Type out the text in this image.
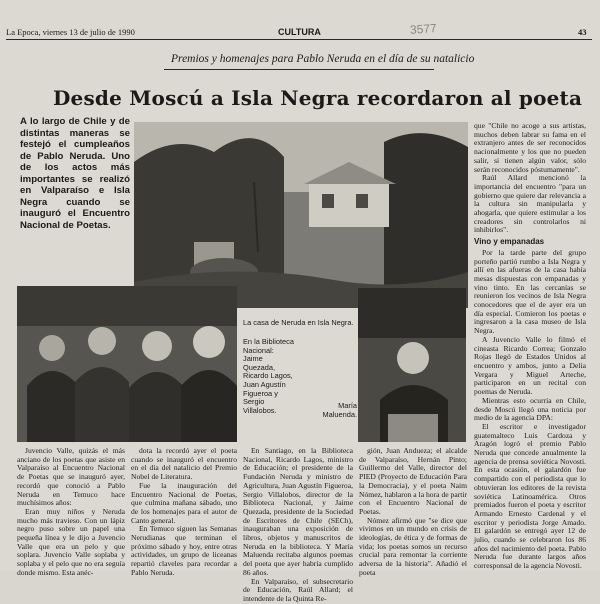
La Epoca, viernes 13 de julio de 1990	CULTURA	43
3577
Premios y homenajes para Pablo Neruda en el día de su natalicio
Desde Moscú a Isla Negra recordaron al poeta
A lo largo de Chile y de distintas maneras se festejó el cumpleaños de Pablo Neruda. Uno de los actos más importantes se realizó en Valparaíso e Isla Negra cuando se inauguró el Encuentro Nacional de Poetas.
La casa de Neruda en Isla Negra.
En la Biblioteca Nacional: Jaime Quezada, Ricardo Lagos, Juan Agustín Figueroa y Sergio Villalobos.
María Maluenda.

Juvencio Valle, quizás el más anciano de los poetas que asiste en Valparaíso al Encuentro Nacional de Poetas que se inauguró ayer, recordó que conoció a Pablo Neruda en Temuco hace muchísimos años:

Eran muy niños y Neruda mucho más travieso. Con un lápiz negro puso sobre un papel una pequeña línea y le dijo a Juvencio Valle que era un pelo y que soplara. Juvencio Valle soplaba y soplaba y el pelo que no era seguía donde mismo. Esta anéc-

dota la recordó ayer el poeta cuando se inauguró el encuentro en el día del natalicio del Premio Nobel de Literatura.

Fue la inauguración del Encuentro Nacional de Poetas, que culmina mañana sábado, uno de los homenajes para el autor de Canto general.

En Temuco siguen las Semanas Nerudianas que terminan el próximo sábado y hoy, entre otras actividades, un grupo de liceanas repartió claveles para recordar a Pablo Neruda.

En Santiago, en la Biblioteca Nacional, Ricardo Lagos, ministro de Educación; el presidente de la Fundación Neruda y ministro de Agricultura, Juan Agustín Figueroa, Sergio Villalobos, director de la Biblioteca Nacional, y Jaime Quezada, presidente de la Sociedad de Escritores de Chile (SECh), inauguraban una exposición de libros, objetos y manuscritos de Neruda en la biblioteca. Y María Maluenda recitaba algunos poemas del poeta que ayer habría cumplido 86 años.

En Valparaíso, el subsecretario de Educación, Raúl Allard; el intendente de la Quinta Re-

gión, Juan Andueza; el alcalde de Valparaíso, Hernán Pinto; Guillermo del Valle, director del PIED (Proyecto de Educación Para la Democracia), y el poeta Naim Nómez, hablaron a la hora de partir con el Encuentro Nacional de Poetas.

Nómez afirmó que "se dice que vivimos en un mundo en crisis de ideologías, de ética y de formas de vida; los poetas somos un recurso crucial para remontar la corriente adversa de la historia". Añadió el poeta

que "Chile no acoge a sus artistas, muchos deben labrar su fama en el extranjero antes de ser reconocidos nacionalmente y los que no pueden salir, si tienen algún valor, sólo serán reconocidos póstumamente".

Raúl Allard mencionó la importancia del encuentro "para un gobierno que quiere dar relevancia a la cultura sin manipularla y ahogarla, que quiere estimular a los creadores sin controlarlos ni inhibirlos".

Vino y empanadas

Por la tarde parte del grupo porteño partió rumbo a Isla Negra y allí en las afueras de la casa había mesas dispuestas con empanadas y vino tinto. En las cercanías se reunieron los vecinos de Isla Negra conocedores que el de ayer era un día especial. Comieron los poetas e ingresaron a la casa museo de Isla Negra.

A Juvencio Valle lo filmó el cineasta Ricardo Correa; Gonzalo Rojas llegó de Estados Unidos al encuentro y ambos, junto a Delia Vergara y Miguel Arteche, participaron en un recital con poemas de Neruda.

Mientras esto ocurría en Chile, desde Moscú llegó una noticia por medio de la agencia DPA:

El escritor e investigador guatemalteco Luis Cardoza y Aragón logró el premio Pablo Neruda que concede anualmente la agencia de prensa soviética Novosti. En esta ocasión, el galardón fue compartido con el periodista que lo obtuvieran los editores de la revista soviética Latinoamérica. Otros premiados fueron el poeta y escritor Armando Ernesto Cardenal y el escritor y periodista Jorge Amado. El galardón se entregó ayer 12 de julio, cuando se celebraron los 86 años del nacimiento del poeta. Pablo Neruda fue durante largos años corresponsal de la agencia Novosti.
